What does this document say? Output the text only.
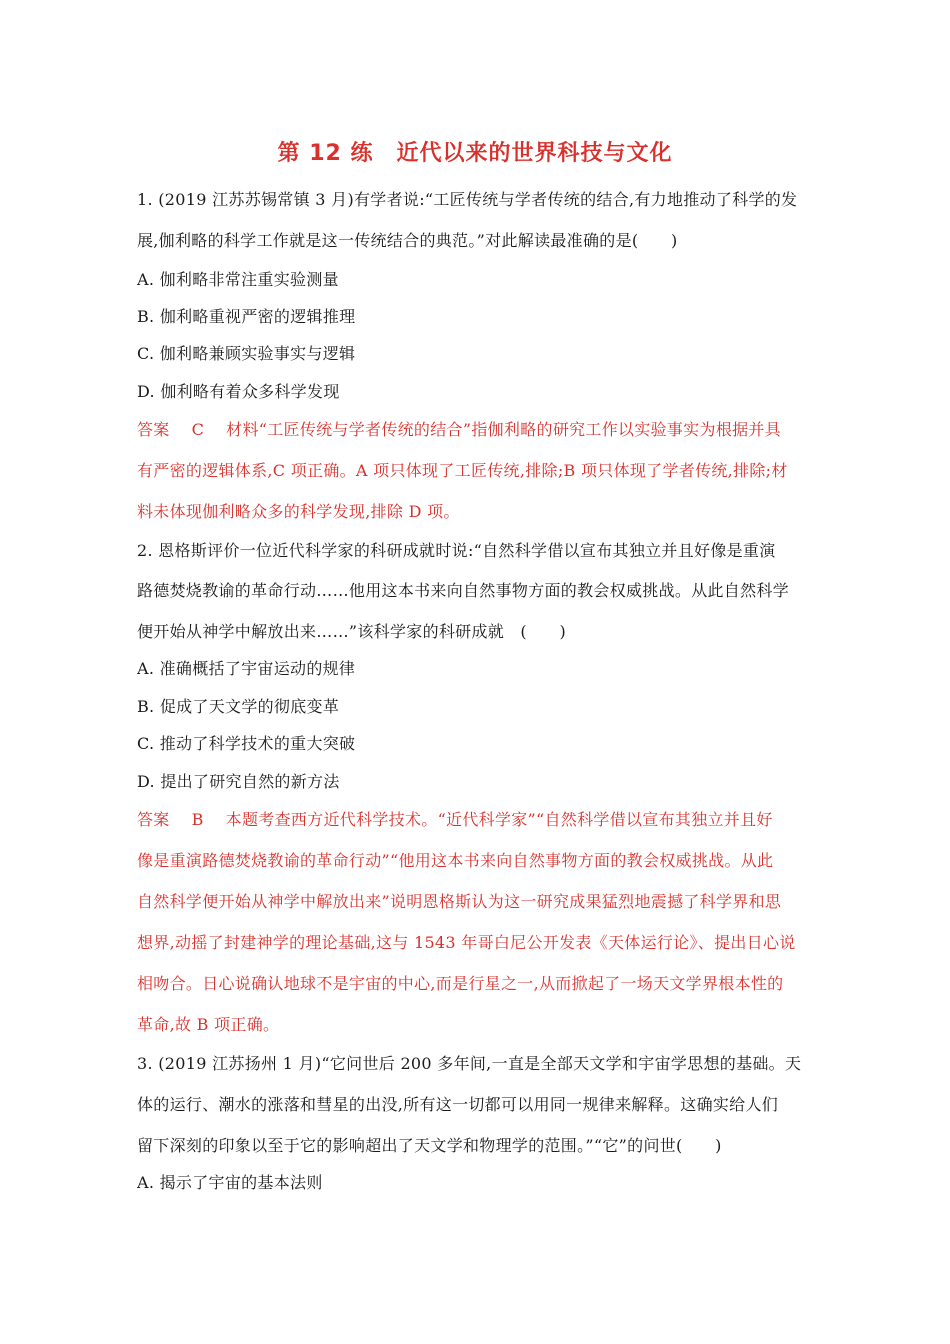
第 12 练　近代以来的世界科技与文化
1. (2019 江苏苏锡常镇 3 月)有学者说:“工匠传统与学者传统的结合,有力地推动了科学的发
展,伽利略的科学工作就是这一传统结合的典范。”对此解读最准确的是(　　)
A. 伽利略非常注重实验测量
B. 伽利略重视严密的逻辑推理
C. 伽利略兼顾实验事实与逻辑
D. 伽利略有着众多科学发现
答案 C 材料“工匠传统与学者传统的结合”指伽利略的研究工作以实验事实为根据并具
有严密的逻辑体系,C 项正确。A 项只体现了工匠传统,排除;B 项只体现了学者传统,排除;材
料未体现伽利略众多的科学发现,排除 D 项。
2. 恩格斯评价一位近代科学家的科研成就时说:“自然科学借以宣布其独立并且好像是重演
路德焚烧教谕的革命行动……他用这本书来向自然事物方面的教会权威挑战。从此自然科学
便开始从神学中解放出来……”该科学家的科研成就　(　　)
A. 准确概括了宇宙运动的规律
B. 促成了天文学的彻底变革
C. 推动了科学技术的重大突破
D. 提出了研究自然的新方法
答案 B 本题考查西方近代科学技术。“近代科学家”“自然科学借以宣布其独立并且好
像是重演路德焚烧教谕的革命行动”“他用这本书来向自然事物方面的教会权威挑战。从此
自然科学便开始从神学中解放出来”说明恩格斯认为这一研究成果猛烈地震撼了科学界和思
想界,动摇了封建神学的理论基础,这与 1543 年哥白尼公开发表《天体运行论》、提出日心说
相吻合。日心说确认地球不是宇宙的中心,而是行星之一,从而掀起了一场天文学界根本性的
革命,故 B 项正确。
3. (2019 江苏扬州 1 月)“它问世后 200 多年间,一直是全部天文学和宇宙学思想的基础。天
体的运行、潮水的涨落和彗星的出没,所有这一切都可以用同一规律来解释。这确实给人们
留下深刻的印象以至于它的影响超出了天文学和物理学的范围。”“它”的问世(　　)
A. 揭示了宇宙的基本法则
